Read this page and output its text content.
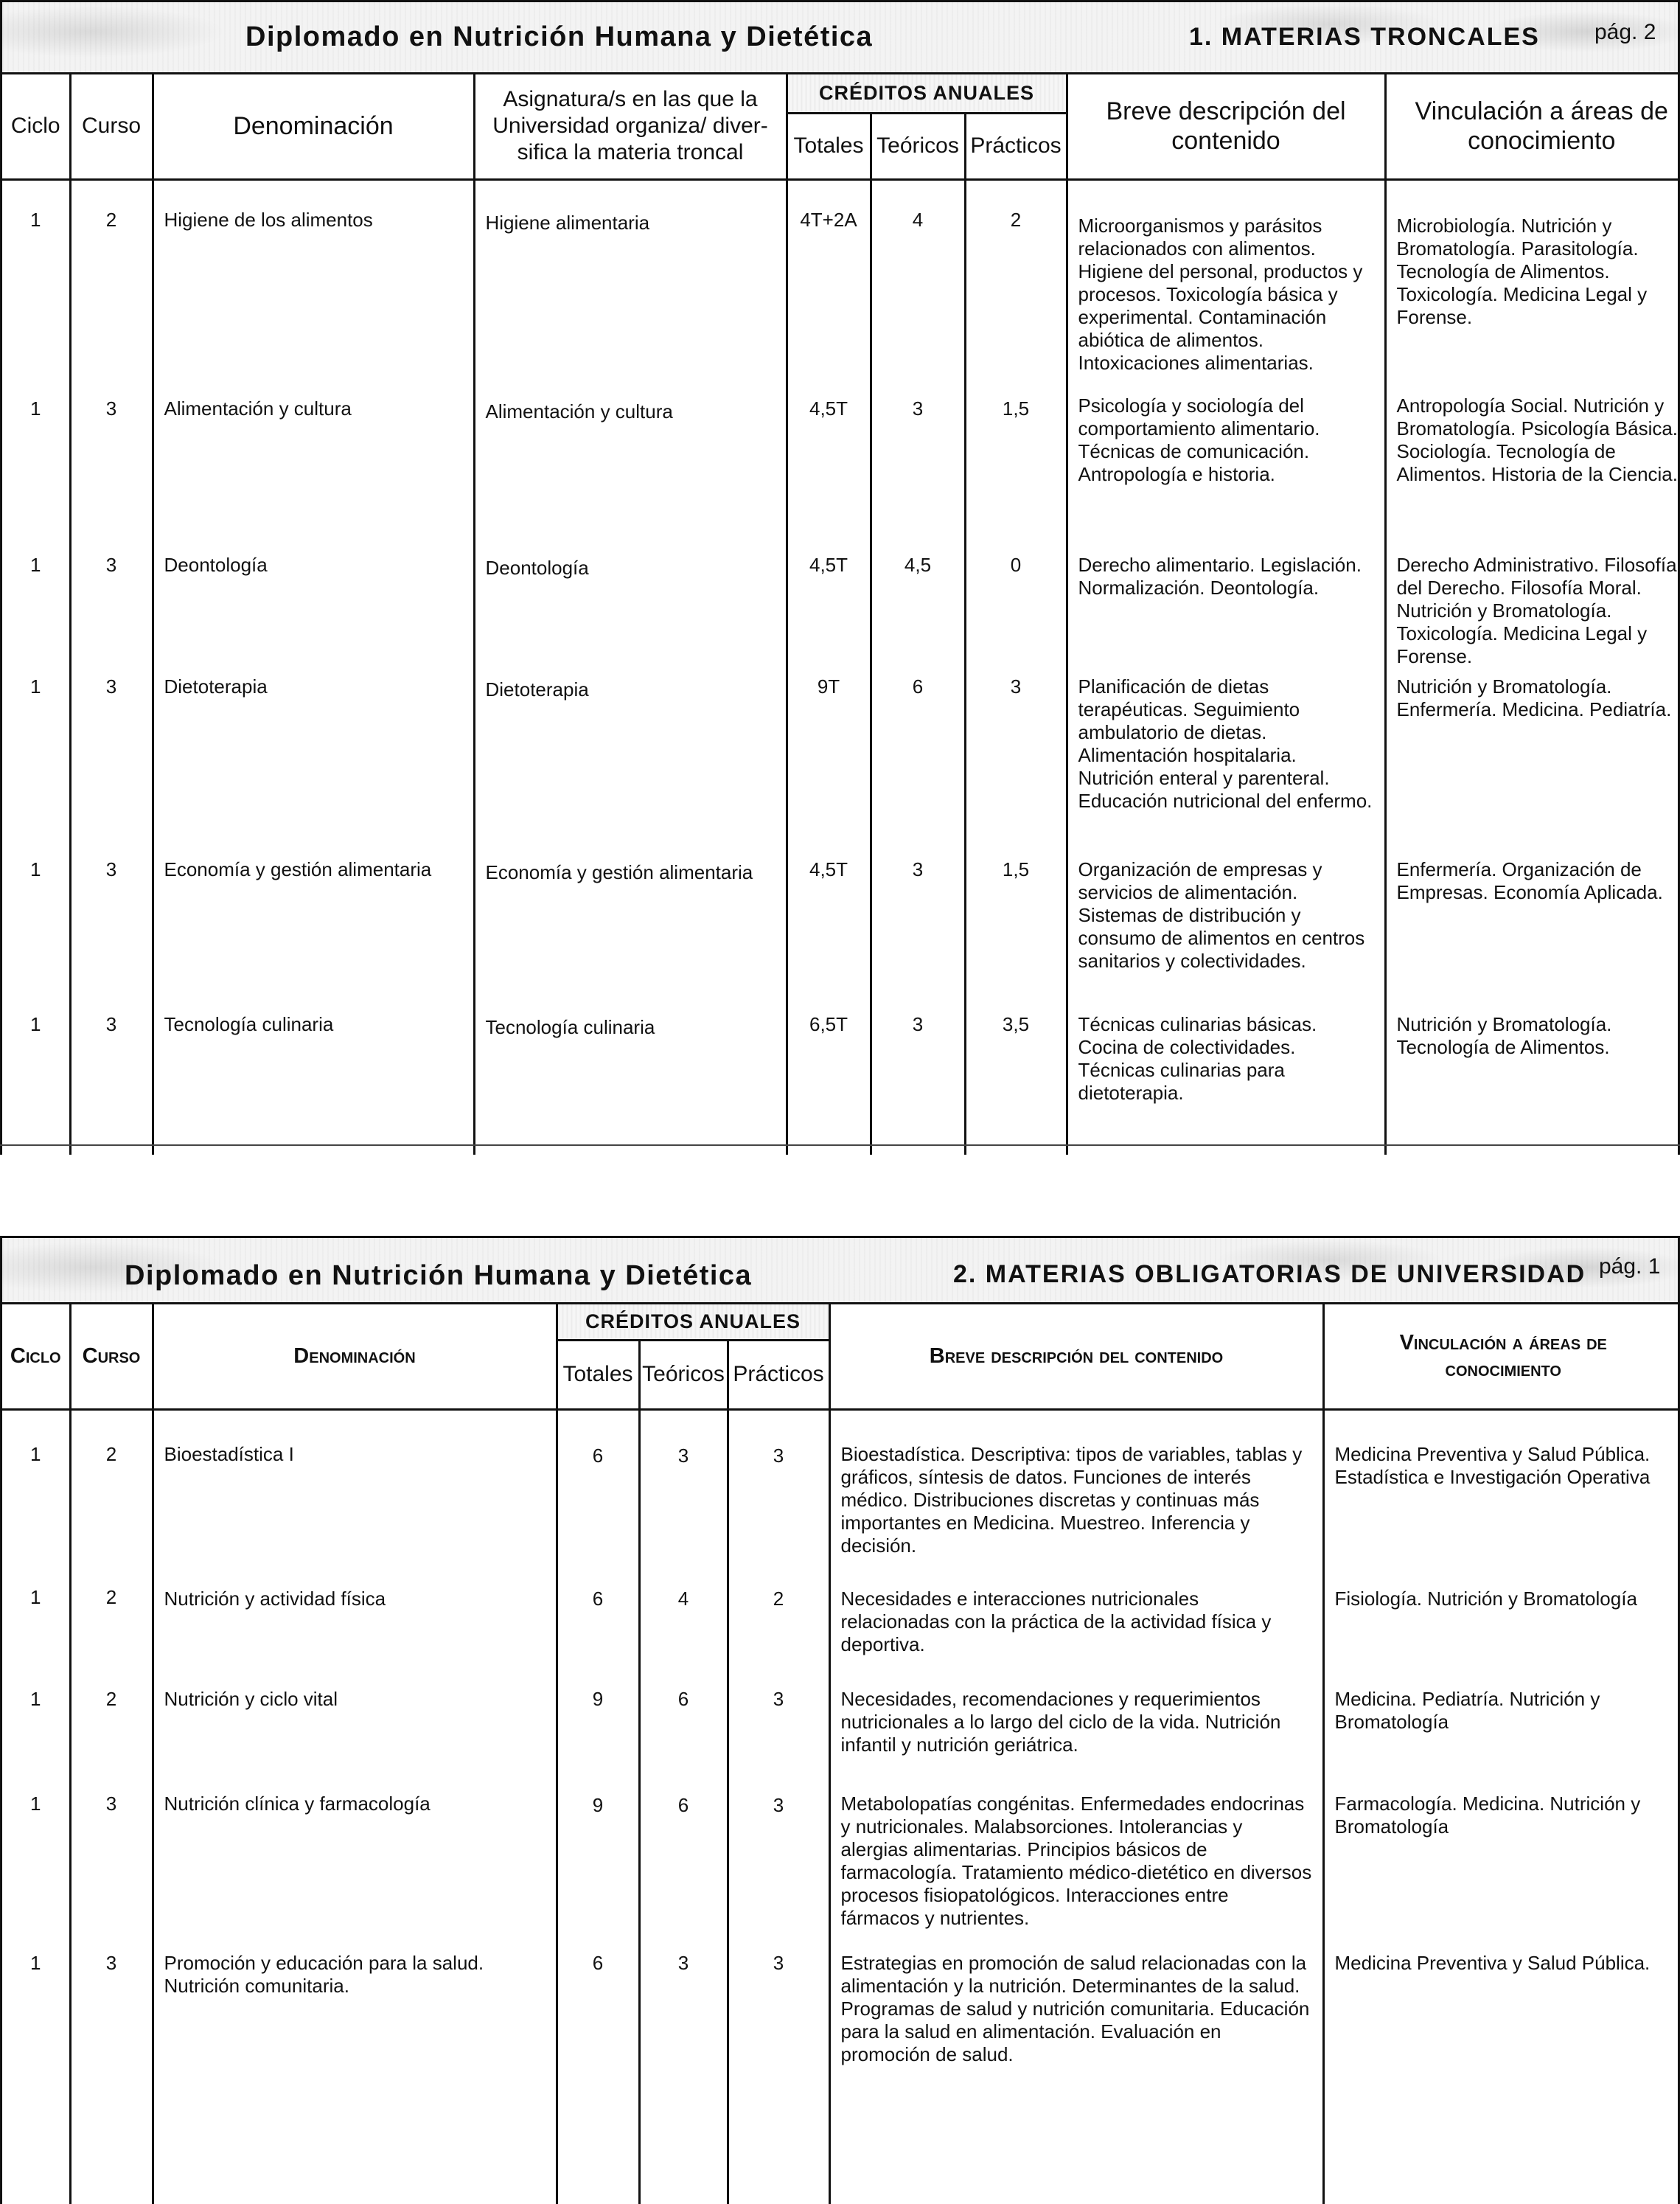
Diplomado en Nutrición Humana y Dietética	1. MATERIAS TRONCALES pág. 2
Ciclo	Curso	Denominación	Asignatura/s en las que la Universidad organiza/ diver-sifica la materia troncal	CRÉDITOS ANUALES			Breve descripción del contenido	Vinculación a áreas de conocimiento
				Totales	Teóricos	Prácticos		
1	2	Higiene de los alimentos	Higiene alimentaria	4T+2A	4	2	Microorganismos y parásitos relacionados con alimentos. Higiene del personal, productos y procesos. Toxicología básica y experimental. Contaminación abiótica de alimentos. Intoxicaciones alimentarias.	Microbiología. Nutrición y Bromatología. Parasitología. Tecnología de Alimentos. Toxicología. Medicina Legal y Forense.
1	3	Alimentación y cultura	Alimentación y cultura	4,5T	3	1,5	Psicología y sociología del comportamiento alimentario. Técnicas de comunicación. Antropología e historia.	Antropología Social. Nutrición y Bromatología. Psicología Básica. Sociología. Tecnología de Alimentos. Historia de la Ciencia.
1	3	Deontología	Deontología	4,5T	4,5	0	Derecho alimentario. Legislación. Normalización. Deontología.	Derecho Administrativo. Filosofía del Derecho. Filosofía Moral. Nutrición y Bromatología. Toxicología. Medicina Legal y Forense.
1	3	Dietoterapia	Dietoterapia	9T	6	3	Planificación de dietas terapéuticas. Seguimiento ambulatorio de dietas. Alimentación hospitalaria. Nutrición enteral y parenteral. Educación nutricional del enfermo.	Nutrición y Bromatología. Enfermería. Medicina. Pediatría.
1	3	Economía y gestión alimentaria	Economía y gestión alimentaria	4,5T	3	1,5	Organización de empresas y servicios de alimentación. Sistemas de distribución y consumo de alimentos en centros sanitarios y colectividades.	Enfermería. Organización de Empresas. Economía Aplicada.
1	3	Tecnología culinaria	Tecnología culinaria	6,5T	3	3,5	Técnicas culinarias básicas. Cocina de colectividades. Técnicas culinarias para dietoterapia.	Nutrición y Bromatología. Tecnología de Alimentos.
Diplomado en Nutrición Humana y Dietética	2. MATERIAS OBLIGATORIAS DE UNIVERSIDAD pág. 1
Ciclo	Curso	Denominación	CRÉDITOS ANUALES			Breve descripción del contenido	Vinculación a áreas de conocimiento
			Totales	Teóricos	Prácticos		
1	2	Bioestadística I	6	3	3	Bioestadística. Descriptiva: tipos de variables, tablas y gráficos, síntesis de datos. Funciones de interés médico. Distribuciones discretas y continuas más importantes en Medicina. Muestreo. Inferencia y decisión.	Medicina Preventiva y Salud Pública. Estadística e Investigación Operativa
1	2	Nutrición y actividad física	6	4	2	Necesidades e interacciones nutricionales relacionadas con la práctica de la actividad física y deportiva.	Fisiología. Nutrición y Bromatología
1	2	Nutrición y ciclo vital	9	6	3	Necesidades, recomendaciones y requerimientos nutricionales a lo largo del ciclo de la vida. Nutrición infantil y nutrición geriátrica.	Medicina. Pediatría. Nutrición y Bromatología
1	3	Nutrición clínica y farmacología	9	6	3	Metabolopatías congénitas. Enfermedades endocrinas y nutricionales. Malabsorciones. Intolerancias y alergias alimentarias. Principios básicos de farmacología. Tratamiento médico-dietético en diversos procesos fisiopatológicos. Interacciones entre fármacos y nutrientes.	Farmacología. Medicina. Nutrición y Bromatología
1	3	Promoción y educación para la salud. Nutrición comunitaria.	6	3	3	Estrategias en promoción de salud relacionadas con la alimentación y la nutrición. Determinantes de la salud. Programas de salud y nutrición comunitaria. Educación para la salud en alimentación. Evaluación en promoción de salud.	Medicina Preventiva y Salud Pública.
